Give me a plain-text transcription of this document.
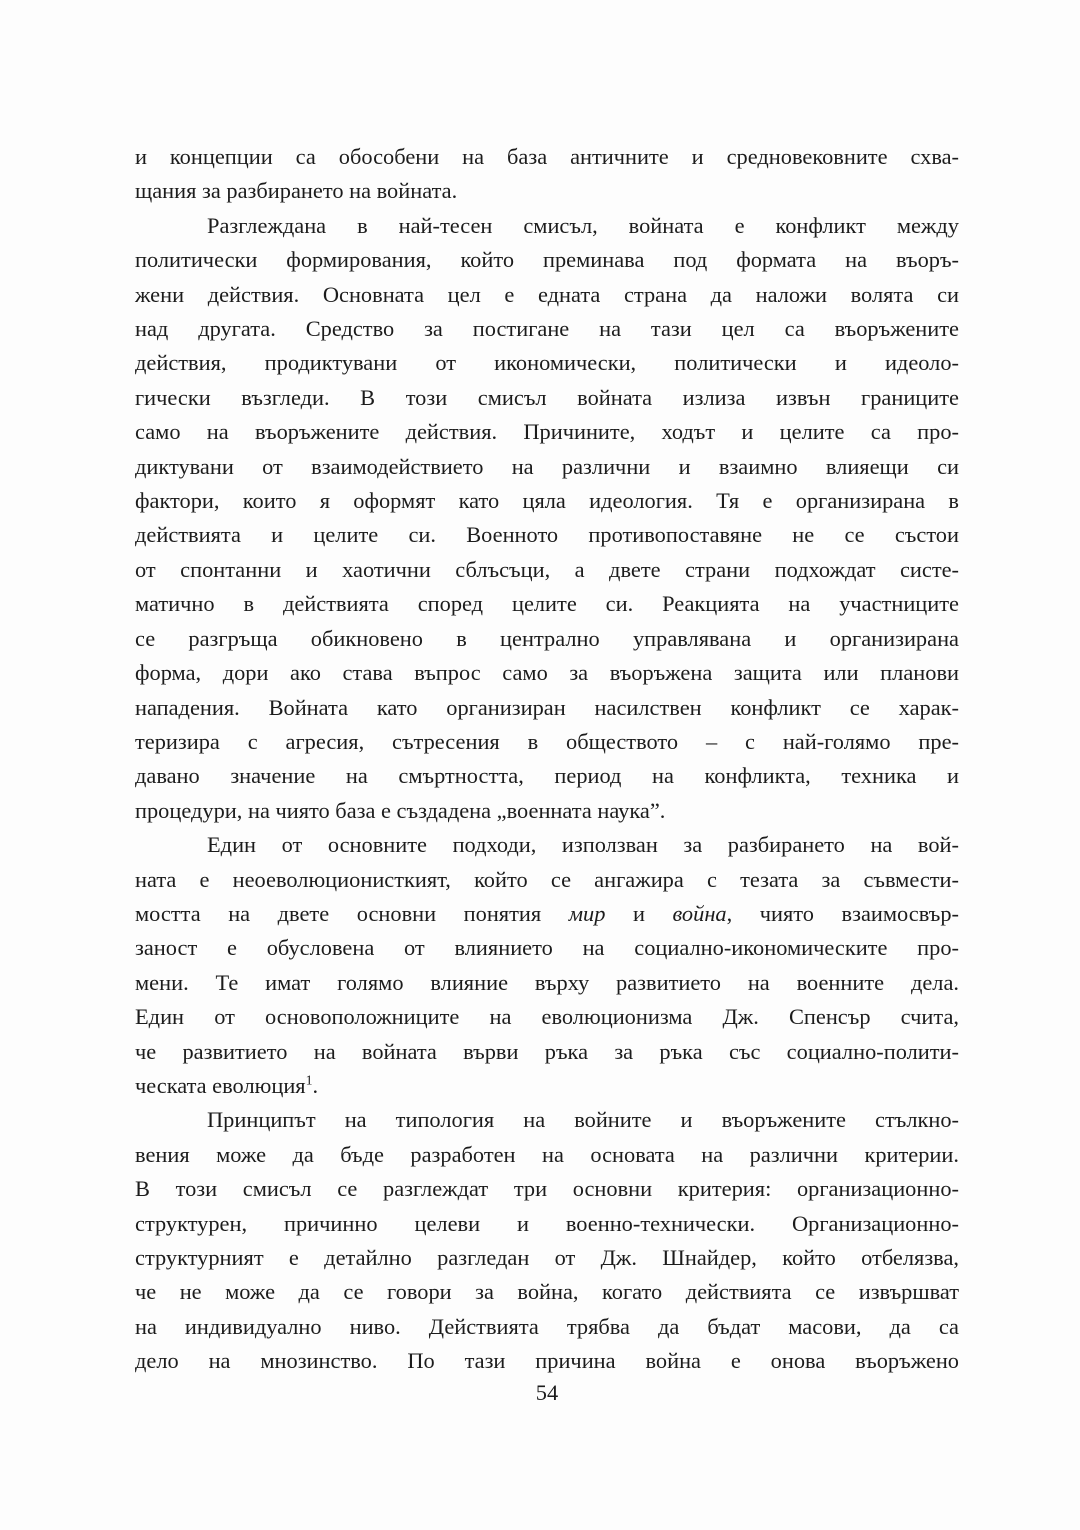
и концепции са обособени на база античните и средновековните схва-
щания за разбирането на войната.
Разглеждана в най-тесен смисъл, войната е конфликт между
политически формирования, който преминава под формата на въоръ-
жени действия. Основната цел е едната страна да наложи волята си
над другата. Средство за постигане на тази цел са въоръжените
действия, продиктувани от икономически, политически и идеоло-
гически възгледи. В този смисъл войната излиза извън границите
само на въоръжените действия. Причините, ходът и целите са про-
диктувани от взаимодействието на различни и взаимно влияещи си
фактори, които я оформят като цяла идеология. Тя е организирана в
действията и целите си. Военното противопоставяне не се състои
от спонтанни и хаотични сблъсъци, а двете страни подхождат систе-
матично в действията според целите си. Реакцията на участниците
се разгръща обикновено в централно управлявана и организирана
форма, дори ако става въпрос само за въоръжена защита или планови
нападения. Войната като организиран насилствен конфликт се харак-
теризира с агресия, сътресения в обществото – с най-голямо пре-
давано значение на смъртността, период на конфликта, техника и
процедури, на чиято база е създадена „военната наука”.
Един от основните подходи, използван за разбирането на вой-
ната е неоеволюционисткият, който се ангажира с тезата за съвмести-
мостта на двете основни понятия мир и война, чиято взаимосвър-
заност е обусловена от влиянието на социално-икономическите про-
мени. Те имат голямо влияние върху развитието на военните дела.
Един от основоположниците на еволюционизма Дж. Спенсър счита,
че развитието на войната върви ръка за ръка със социално-полити-
ческата еволюция$^1$.
Принципът на типология на войните и въоръжените стълкно-
вения може да бъде разработен на основата на различни критерии.
В този смисъл се разглеждат три основни критерия: организационно-
структурен, причинно целеви и военно-технически. Организационно-
структурният е детайлно разгледан от Дж. Шнайдер, който отбелязва,
че не може да се говори за война, когато действията се извършват
на индивидуално ниво. Действията трябва да бъдат масови, да са
дело на мнозинство. По тази причина война е онова въоръжено
54
